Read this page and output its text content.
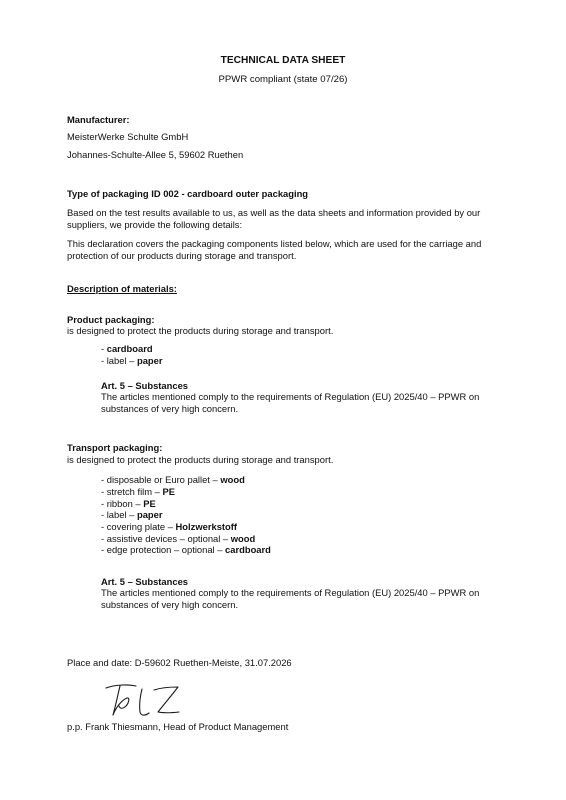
TECHNICAL DATA SHEET
PPWR compliant (state 07/26)
Manufacturer:
MeisterWerke Schulte GmbH
Johannes-Schulte-Allee 5, 59602 Ruethen
Type of packaging ID 002 - cardboard outer packaging
Based on the test results available to us, as well as the data sheets and information provided by our suppliers, we provide the following details:
This declaration covers the packaging components listed below, which are used for the carriage and protection of our products during storage and transport.
Description of materials:
Product packaging:
is designed to protect the products during storage and transport.
- cardboard
- label – paper
Art. 5 – Substances
The articles mentioned comply to the requirements of Regulation (EU) 2025/40 – PPWR on substances of very high concern.
Transport packaging:
is designed to protect the products during storage and transport.
- disposable or Euro pallet – wood
- stretch film – PE
- ribbon – PE
- label – paper
- covering plate – Holzwerkstoff
- assistive devices – optional – wood
- edge protection – optional – cardboard
Art. 5 – Substances
The articles mentioned comply to the requirements of Regulation (EU) 2025/40 – PPWR on substances of very high concern.
Place and date: D-59602 Ruethen-Meiste, 31.07.2026
p.p. Frank Thiesmann, Head of Product Management
